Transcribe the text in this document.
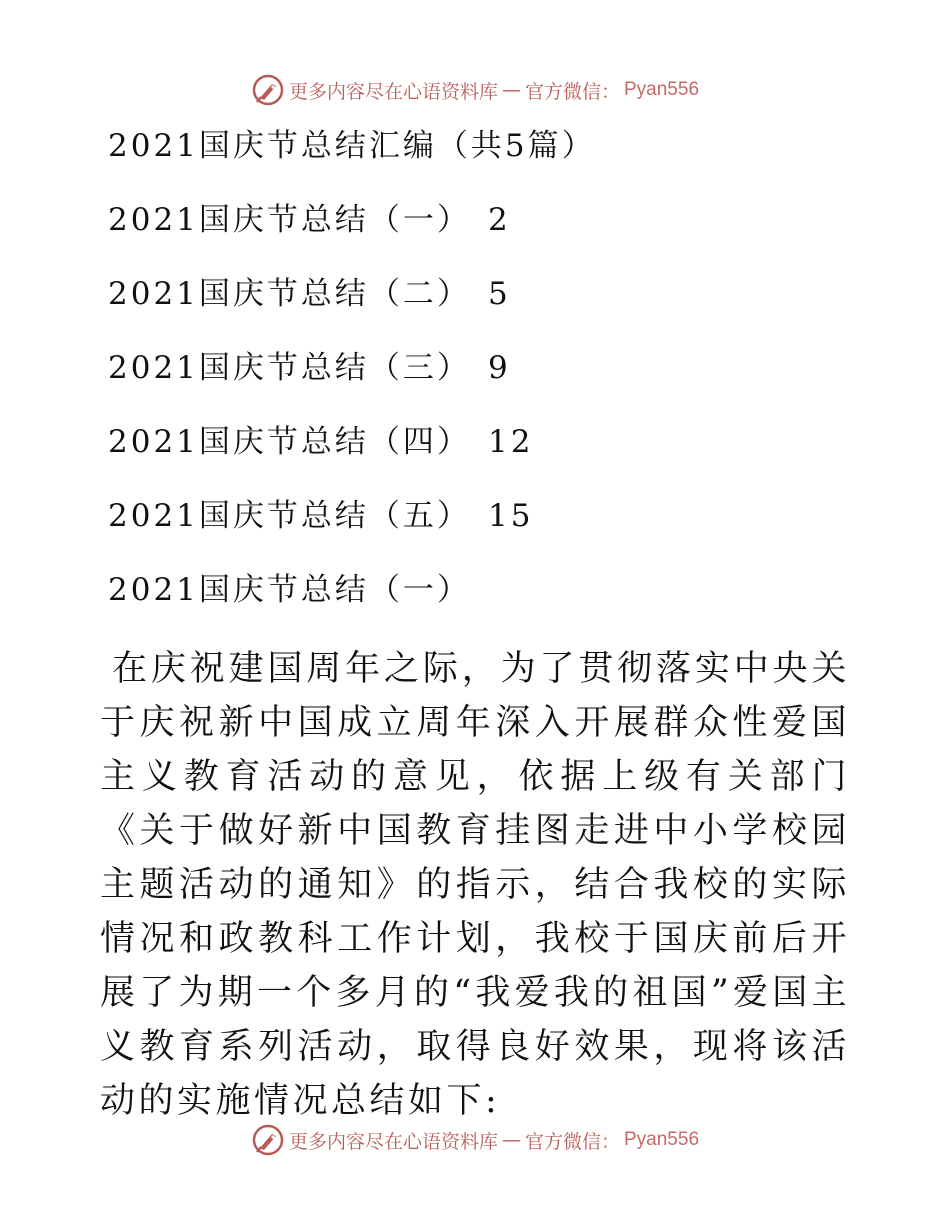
更多内容尽在心语资料库 — 官方微信： Pyan556
2021国庆节总结汇编（共5篇）
2021国庆节总结（一） 2
2021国庆节总结（二） 5
2021国庆节总结（三） 9
2021国庆节总结（四） 12
2021国庆节总结（五） 15
2021国庆节总结（一）

在庆祝建国周年之际，为了贯彻落实中央关于庆祝新中国成立周年深入开展群众性爱国主义教育活动的意见，依据上级有关部门《关于做好新中国教育挂图走进中小学校园主题活动的通知》的指示，结合我校的实际情况和政教科工作计划，我校于国庆前后开展了为期一个多月的“我爱我的祖国”爱国主义教育系列活动，取得良好效果，现将该活动的实施情况总结如下:

更多内容尽在心语资料库 — 官方微信： Pyan556
